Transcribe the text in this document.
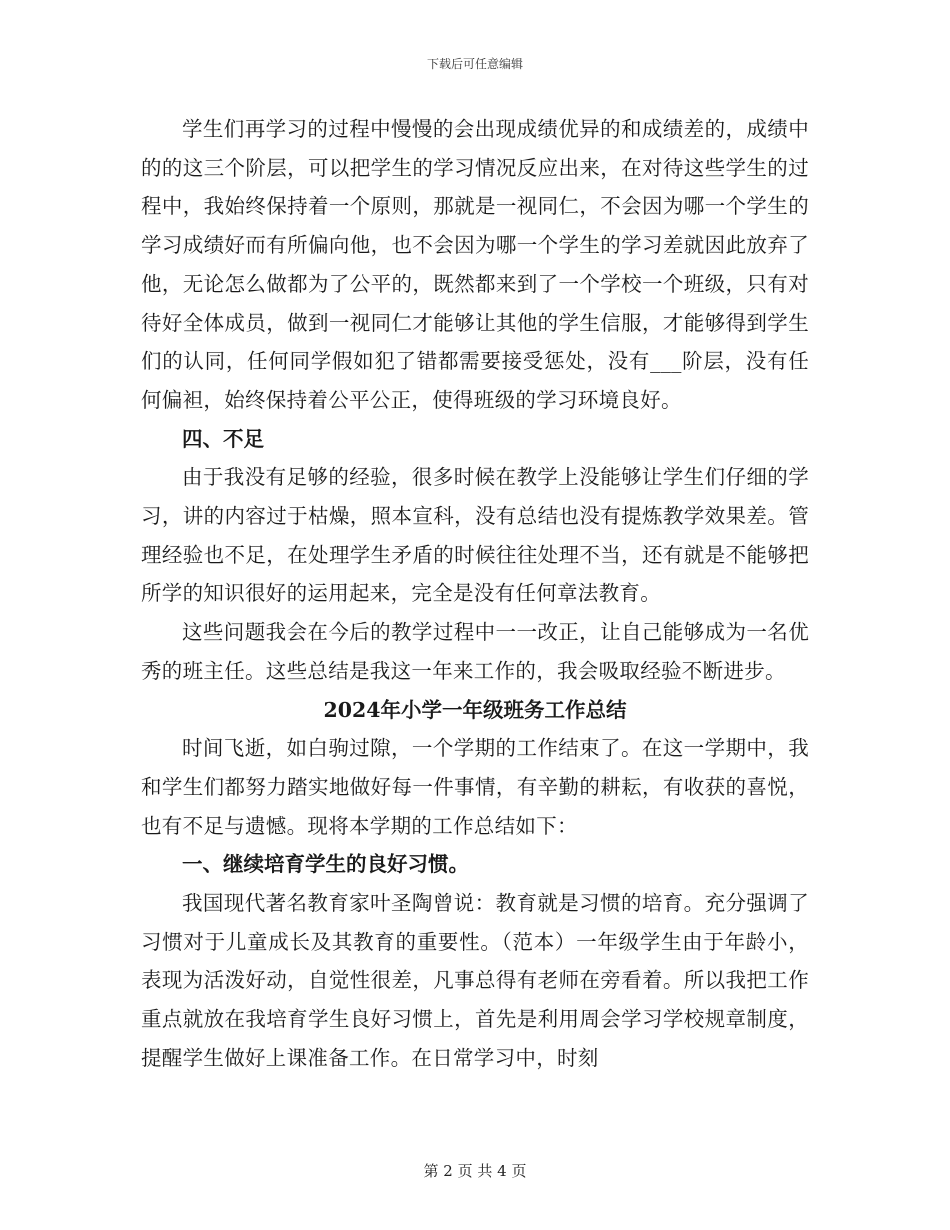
下载后可任意编辑

学生们再学习的过程中慢慢的会出现成绩优异的和成绩差的，成绩中的的这三个阶层，可以把学生的学习情况反应出来，在对待这些学生的过程中，我始终保持着一个原则，那就是一视同仁，不会因为哪一个学生的学习成绩好而有所偏向他，也不会因为哪一个学生的学习差就因此放弃了他，无论怎么做都为了公平的，既然都来到了一个学校一个班级，只有对待好全体成员，做到一视同仁才能够让其他的学生信服，才能够得到学生们的认同，任何同学假如犯了错都需要接受惩处，没有___阶层，没有任何偏袒，始终保持着公平公正，使得班级的学习环境良好。

四、不足

由于我没有足够的经验，很多时候在教学上没能够让学生们仔细的学习，讲的内容过于枯燥，照本宣科，没有总结也没有提炼教学效果差。管理经验也不足，在处理学生矛盾的时候往往处理不当，还有就是不能够把所学的知识很好的运用起来，完全是没有任何章法教育。

这些问题我会在今后的教学过程中一一改正，让自己能够成为一名优秀的班主任。这些总结是我这一年来工作的，我会吸取经验不断进步。

2024年小学一年级班务工作总结

时间飞逝，如白驹过隙，一个学期的工作结束了。在这一学期中，我和学生们都努力踏实地做好每一件事情，有辛勤的耕耘，有收获的喜悦，也有不足与遗憾。现将本学期的工作总结如下：

一、继续培育学生的良好习惯。

我国现代著名教育家叶圣陶曾说：教育就是习惯的培育。充分强调了习惯对于儿童成长及其教育的重要性。（范本）一年级学生由于年龄小，表现为活泼好动，自觉性很差，凡事总得有老师在旁看着。所以我把工作重点就放在我培育学生良好习惯上，首先是利用周会学习学校规章制度，提醒学生做好上课准备工作。在日常学习中，时刻

第 2 页 共 4 页
